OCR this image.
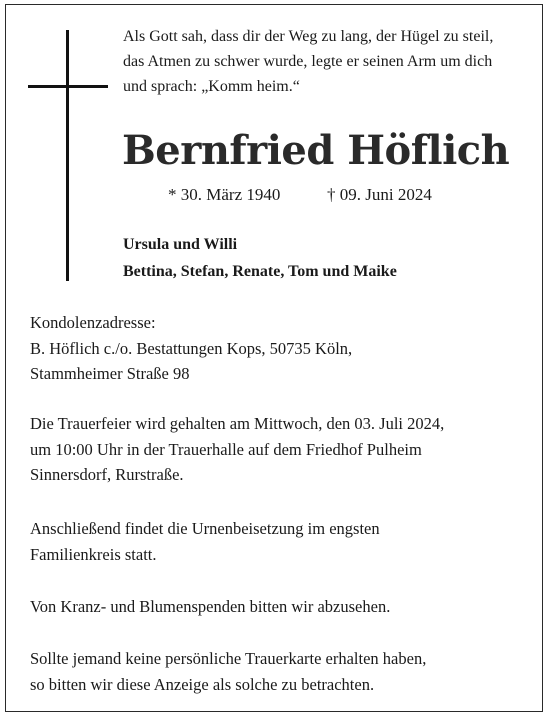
Als Gott sah, dass dir der Weg zu lang, der Hügel zu steil,
das Atmen zu schwer wurde, legte er seinen Arm um dich
und sprach: „Komm heim.“
Bernfried Höflich
* 30. März 1940	† 09. Juni 2024
Ursula und Willi
Bettina, Stefan, Renate, Tom und Maike
Kondolenzadresse:
B. Höflich c./o. Bestattungen Kops, 50735 Köln,
Stammheimer Straße 98
Die Trauerfeier wird gehalten am Mittwoch, den 03. Juli 2024,
um 10:00 Uhr in der Trauerhalle auf dem Friedhof Pulheim
Sinnersdorf, Rurstraße.
Anschließend findet die Urnenbeisetzung im engsten
Familienkreis statt.
Von Kranz- und Blumenspenden bitten wir abzusehen.
Sollte jemand keine persönliche Trauerkarte erhalten haben,
so bitten wir diese Anzeige als solche zu betrachten.
